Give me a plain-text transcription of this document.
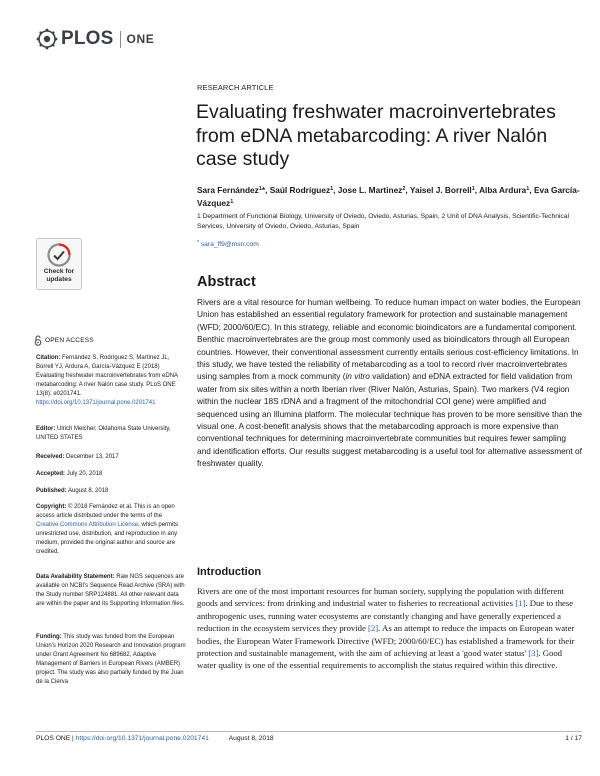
PLOS ONE
RESEARCH ARTICLE
Evaluating freshwater macroinvertebrates from eDNA metabarcoding: A river Nalón case study
Sara Fernández$^1$*, Saúl Rodríguez$^1$, Jose L. Martinez$^2$, Yaisel J. Borrell$^1$, Alba Ardura$^1$, Eva García-Vázquez$^1$
1 Department of Functional Biology, University of Oviedo, Oviedo, Asturias, Spain, 2 Unit of DNA Analysis, Scientific-Technical Services, University of Oviedo, Oviedo, Asturias, Spain
* sara_ff9@msn.com
Check for
updates
OPEN ACCESS
Citation: Fernández S, Rodríguez S, Martínez JL, Borrell YJ, Ardura A, García-Vázquez E (2018) Evaluating freshwater macroinvertebrates from eDNA metabarcoding: A river Nalón case study. PLoS ONE 13(8): e0201741. https://doi.org/10.1371/journal.pone.0201741
Editor: Ulrich Melcher, Oklahoma State University, UNITED STATES
Received: December 13, 2017
Accepted: July 20, 2018
Published: August 8, 2018
Copyright: © 2018 Fernández et al. This is an open access article distributed under the terms of the Creative Commons Attribution License, which permits unrestricted use, distribution, and reproduction in any medium, provided the original author and source are credited.
Data Availability Statement: Raw NGS sequences are available on NCBI's Sequence Read Archive (SRA) with the Study number SRP124881. All other relevant data are within the paper and its Supporting Information files.
Funding: This study was funded from the European Union's Horizon 2020 Research and Innovation program under Grant Agreement No 689682, Adaptive Management of Barriers in European Rivers (AMBER) project. The study was also partially funded by the Juan de la Cierva
Abstract
Rivers are a vital resource for human wellbeing. To reduce human impact on water bodies, the European Union has established an essential regulatory framework for protection and sustainable management (WFD; 2000/60/EC). In this strategy, reliable and economic bioindicators are a fundamental component. Benthic macroinvertebrates are the group most commonly used as bioindicators through all European countries. However, their conventional assessment currently entails serious cost-efficiency limitations. In this study, we have tested the reliability of metabarcoding as a tool to record river macroinvertebrates using samples from a mock community (in vitro validation) and eDNA extracted for field validation from water from six sites within a north Iberian river (River Nalón, Asturias, Spain). Two markers (V4 region within the nuclear 18S rDNA and a fragment of the mitochondrial COI gene) were amplified and sequenced using an Illumina platform. The molecular technique has proven to be more sensitive than the visual one. A cost-benefit analysis shows that the metabarcoding approach is more expensive than conventional techniques for determining macroinvertebrate communities but requires fewer sampling and identification efforts. Our results suggest metabarcoding is a useful tool for alternative assessment of freshwater quality.
Introduction
Rivers are one of the most important resources for human society, supplying the population with different goods and services: from drinking and industrial water to fisheries to recreational activities [1]. Due to these anthropogenic uses, running water ecosystems are constantly changing and have generally experienced a reduction in the ecosystem services they provide [2]. As an attempt to reduce the impacts on European water bodies, the European Water Framework Directive (WFD; 2000/60/EC) has established a framework for their protection and sustainable management, with the aim of achieving at least a 'good water status' [3]. Good water quality is one of the essential requirements to accomplish the status required within this directive.
PLOS ONE | https://doi.org/10.1371/journal.pone.0201741	August 8, 2018	1 / 17
